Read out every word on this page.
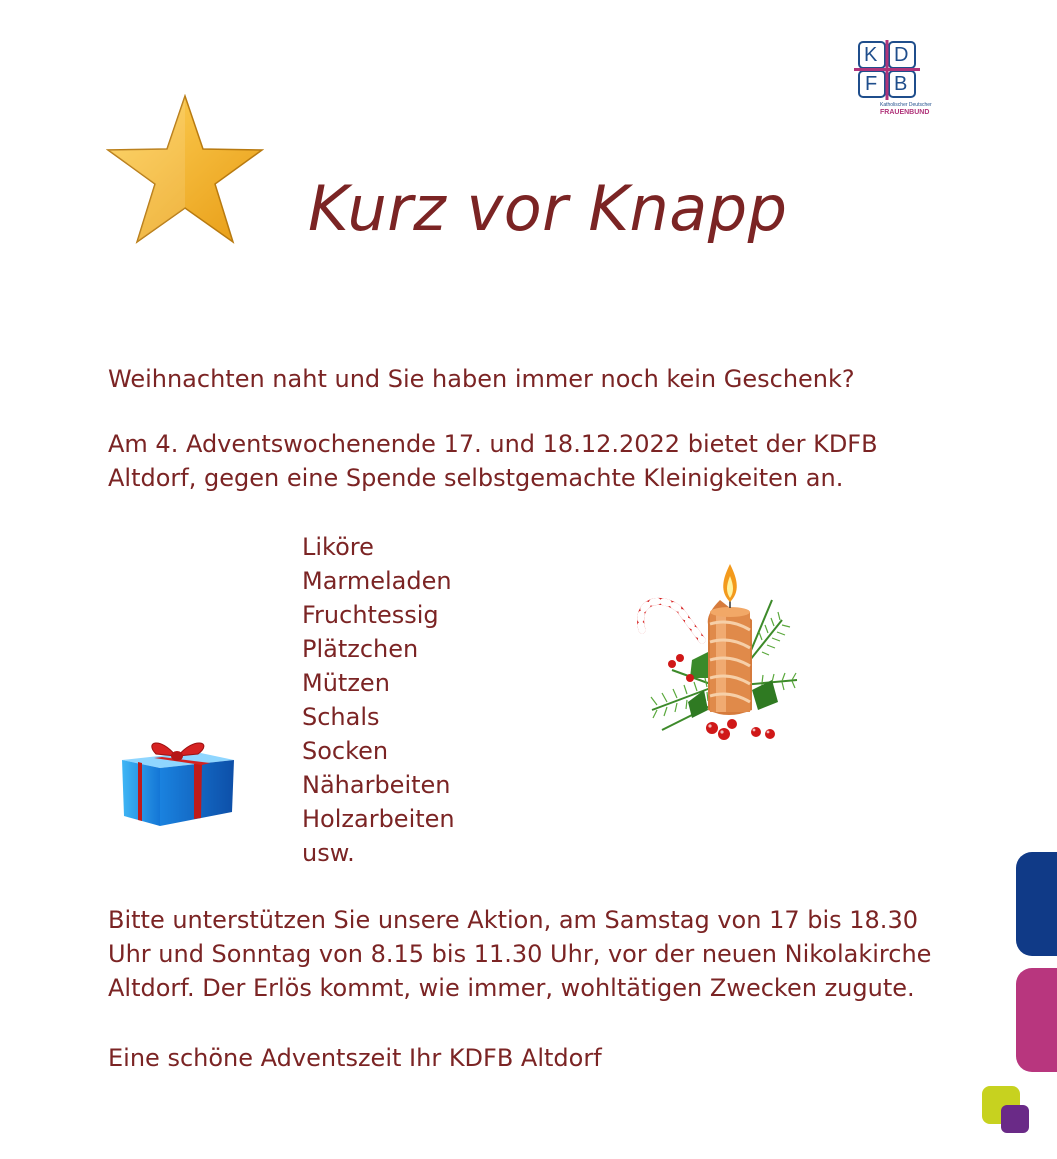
K D
F B
Katholischer Deutscher
FRAUENBUND
Kurz vor Knapp
Weihnachten naht und Sie haben immer noch kein Geschenk?
Am 4. Adventswochenende 17. und 18.12.2022 bietet der KDFB
Altdorf, gegen eine Spende selbstgemachte Kleinigkeiten an.
Liköre
Marmeladen
Fruchtessig
Plätzchen
Mützen
Schals
Socken
Näharbeiten
Holzarbeiten
usw.
Bitte unterstützen Sie unsere Aktion, am Samstag von 17 bis 18.30
Uhr und Sonntag von 8.15 bis 11.30 Uhr, vor der neuen Nikolakirche
Altdorf. Der Erlös kommt, wie immer, wohltätigen Zwecken zugute.
Eine schöne Adventszeit Ihr KDFB Altdorf
